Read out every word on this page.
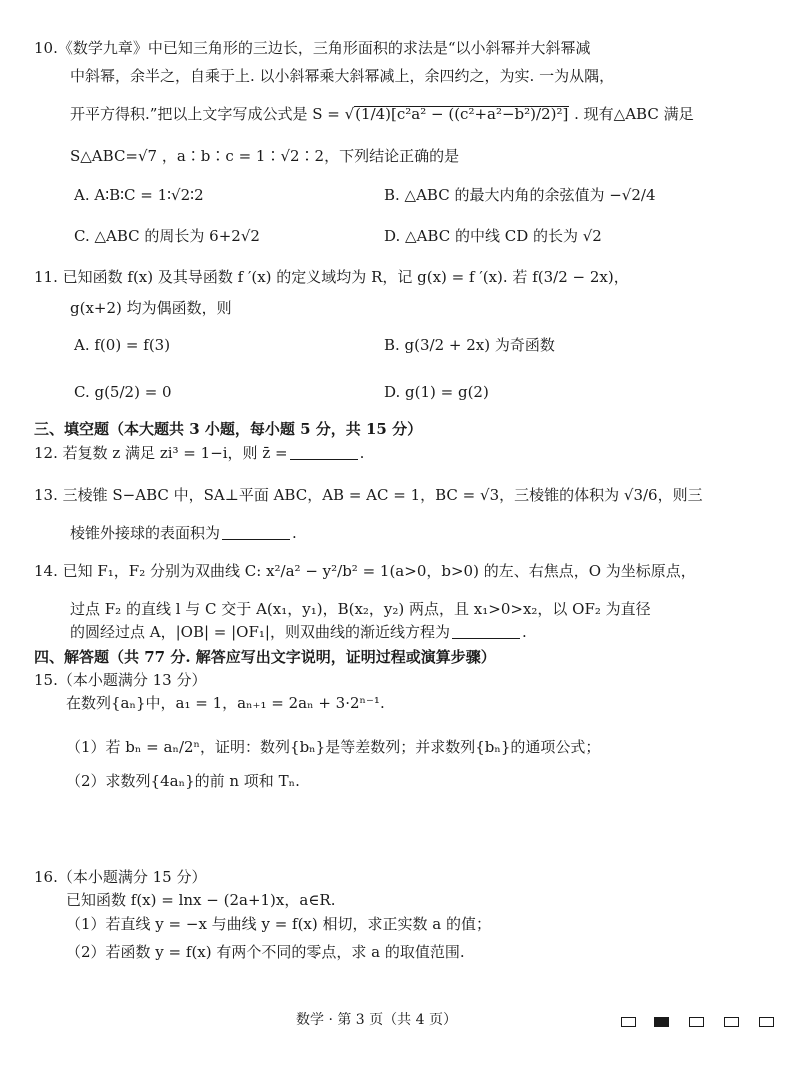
10.《数学九章》中已知三角形的三边长，三角形面积的求法是“以小斜幂并大斜幂减
中斜幂，余半之，自乘于上. 以小斜幂乘大斜幂减上，余四约之，为实. 一为从隅，
开平方得积.”把以上文字写成公式是 S = √(1/4)[c²a² − ((c²+a²−b²)/2)²] . 现有△ABC 满足
S△ABC=√7 ，a∶b∶c = 1∶√2∶2，下列结论正确的是
A. A∶B∶C = 1∶√2∶2	B. △ABC 的最大内角的余弦值为 −√2/4
C. △ABC 的周长为 6+2√2	D. △ABC 的中线 CD 的长为 √2
11. 已知函数 f(x) 及其导函数 f ′(x) 的定义域均为 R，记 g(x) = f ′(x). 若 f(3/2 − 2x)，
g(x+2) 均为偶函数，则
A. f(0) = f(3)	B. g(3/2 + 2x) 为奇函数
C. g(5/2) = 0	D. g(1) = g(2)
三、填空题（本大题共 3 小题，每小题 5 分，共 15 分）
12. 若复数 z 满足 zi³ = 1−i，则 z̄ =	.
13. 三棱锥 S−ABC 中，SA⊥平面 ABC，AB = AC = 1，BC = √3，三棱锥的体积为 √3/6，则三
棱锥外接球的表面积为	.
14. 已知 F₁，F₂ 分别为双曲线 C: x²/a² − y²/b² = 1(a>0，b>0) 的左、右焦点，O 为坐标原点，
过点 F₂ 的直线 l 与 C 交于 A(x₁，y₁)，B(x₂，y₂) 两点，且 x₁>0>x₂，以 OF₂ 为直径
的圆经过点 A，|OB| = |OF₁|，则双曲线的渐近线方程为	.
四、解答题（共 77 分. 解答应写出文字说明，证明过程或演算步骤）
15.（本小题满分 13 分）
在数列{aₙ}中，a₁ = 1，aₙ₊₁ = 2aₙ + 3·2ⁿ⁻¹.
（1）若 bₙ = aₙ/2ⁿ，证明：数列{bₙ}是等差数列；并求数列{bₙ}的通项公式；
（2）求数列{4aₙ}的前 n 项和 Tₙ.
16.（本小题满分 15 分）
已知函数 f(x) = lnx − (2a+1)x，a∈R.
（1）若直线 y = −x 与曲线 y = f(x) 相切，求正实数 a 的值；
（2）若函数 y = f(x) 有两个不同的零点，求 a 的取值范围.
数学 · 第 3 页（共 4 页）
